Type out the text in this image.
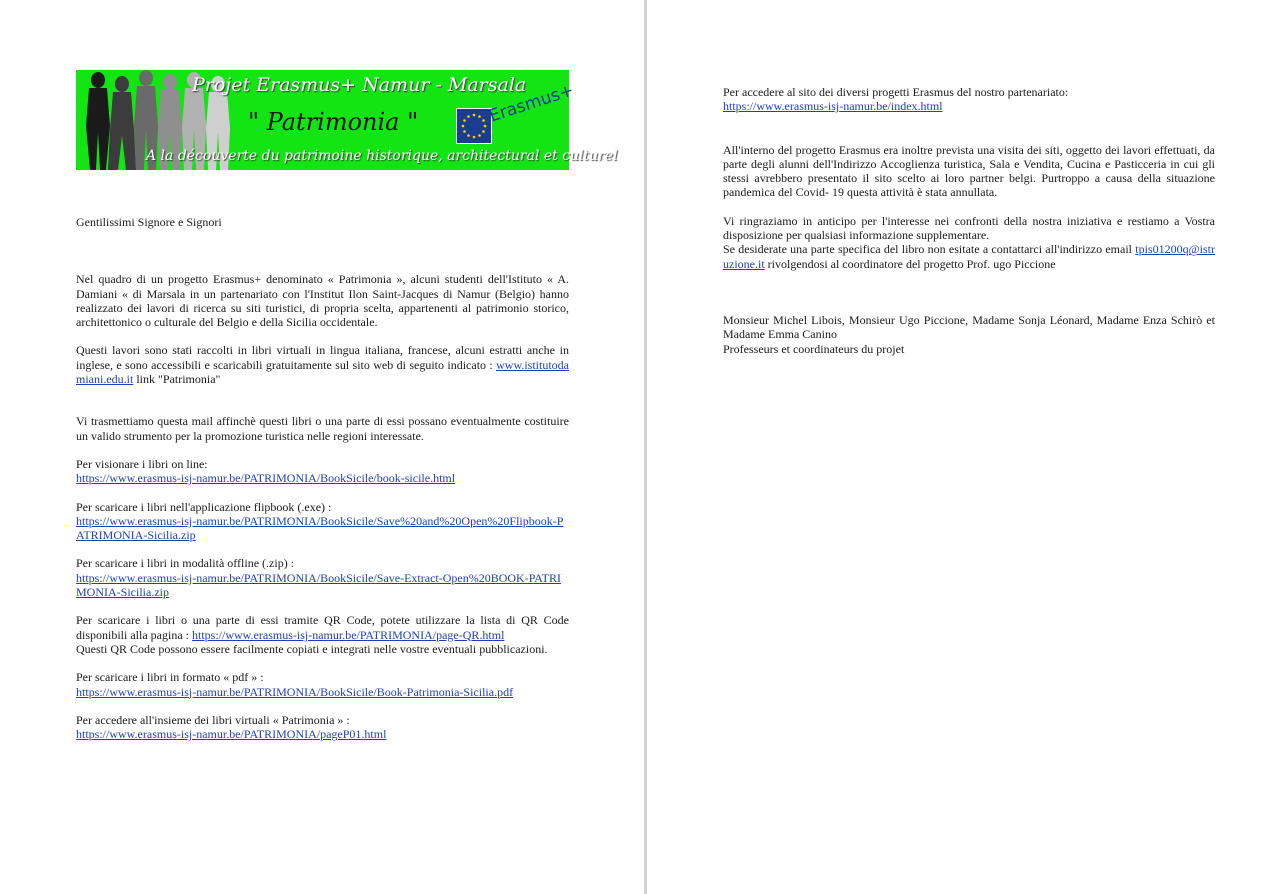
Projet Erasmus+ Namur - Marsala
" Patrimonia "	Erasmus+
A la découverte du patrimoine historique, architectural et culturel

Gentilissimi Signore e Signori

Nel quadro di un progetto Erasmus+ denominato « Patrimonia », alcuni studenti dell'Istituto « A. Damiani « di Marsala in un partenariato con l'Institut Ilon Saint-Jacques di Namur (Belgio) hanno realizzato dei lavori di ricerca su siti turistici, di propria scelta, appartenenti al patrimonio storico, architettonico o culturale del Belgio e della Sicilia occidentale.

Questi lavori sono stati raccolti in libri virtuali in lingua italiana, francese, alcuni estratti anche in inglese, e sono accessibili e scaricabili gratuitamente sul sito web di seguito indicato : www.istitutodamiani.edu.it link "Patrimonia"

Vi trasmettiamo questa mail affinchè questi libri o una parte di essi possano eventualmente costituire un valido strumento per la promozione turistica nelle regioni interessate.

Per visionare i libri on line:

https://www.erasmus-isj-namur.be/PATRIMONIA/BookSicile/book-sicile.html

Per scaricare i libri nell'applicazione flipbook (.exe) :

https://www.erasmus-isj-namur.be/PATRIMONIA/BookSicile/Save%20and%20Open%20Flipbook-PATRIMONIA-Sicilia.zip

Per scaricare i libri in modalità offline (.zip) :

https://www.erasmus-isj-namur.be/PATRIMONIA/BookSicile/Save-Extract-Open%20BOOK-PATRIMONIA-Sicilia.zip

Per scaricare i libri o una parte di essi tramite QR Code, potete utilizzare la lista di QR Code disponibili alla pagina : https://www.erasmus-isj-namur.be/PATRIMONIA/page-QR.html

Questi QR Code possono essere facilmente copiati e integrati nelle vostre eventuali pubblicazioni.

Per scaricare i libri in formato « pdf » :

https://www.erasmus-isj-namur.be/PATRIMONIA/BookSicile/Book-Patrimonia-Sicilia.pdf

Per accedere all'insieme dei libri virtuali « Patrimonia » :

https://www.erasmus-isj-namur.be/PATRIMONIA/pageP01.html

Per accedere al sito dei diversi progetti Erasmus del nostro partenariato:

https://www.erasmus-isj-namur.be/index.html

All'interno del progetto Erasmus era inoltre prevista una visita dei siti, oggetto dei lavori effettuati, da parte degli alunni dell'Indirizzo Accoglienza turistica, Sala e Vendita, Cucina e Pasticceria in cui gli stessi avrebbero presentato il sito scelto ai loro partner belgi. Purtroppo a causa della situazione pandemica del Covid- 19 questa attività è stata annullata.

Vi ringraziamo in anticipo per l'interesse nei confronti della nostra iniziativa e restiamo a Vostra disposizione per qualsiasi informazione supplementare.

Se desiderate una parte specifica del libro non esitate a contattarci all'indirizzo email tpis01200q@istruzione.it rivolgendosi al coordinatore del progetto Prof. ugo Piccione

Monsieur Michel Libois, Monsieur Ugo Piccione, Madame Sonja Léonard, Madame Enza Schirò et Madame Emma Canino

Professeurs et coordinateurs du projet
